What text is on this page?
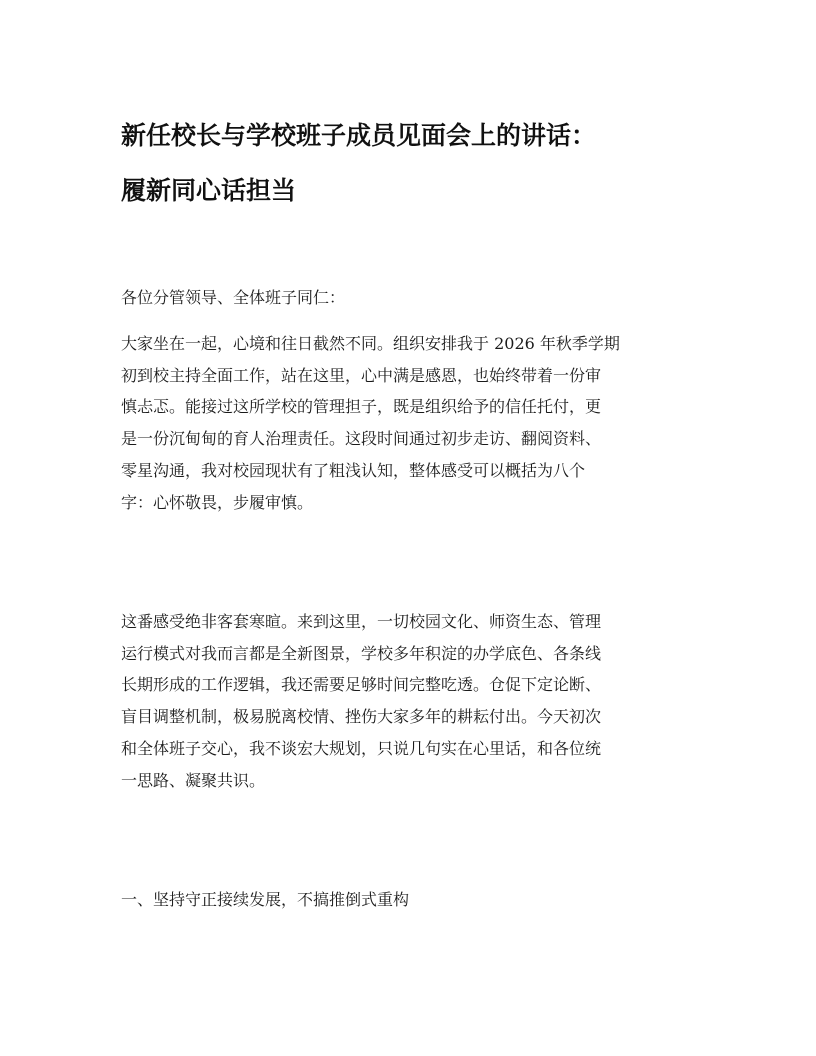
新任校长与学校班子成员见面会上的讲话：
履新同心话担当

各位分管领导、全体班子同仁：

大家坐在一起，心境和往日截然不同。组织安排我于 2026 年秋季学期
初到校主持全面工作，站在这里，心中满是感恩，也始终带着一份审
慎忐忑。能接过这所学校的管理担子，既是组织给予的信任托付，更
是一份沉甸甸的育人治理责任。这段时间通过初步走访、翻阅资料、
零星沟通，我对校园现状有了粗浅认知，整体感受可以概括为八个
字：心怀敬畏，步履审慎。

这番感受绝非客套寒暄。来到这里，一切校园文化、师资生态、管理
运行模式对我而言都是全新图景，学校多年积淀的办学底色、各条线
长期形成的工作逻辑，我还需要足够时间完整吃透。仓促下定论断、
盲目调整机制，极易脱离校情、挫伤大家多年的耕耘付出。今天初次
和全体班子交心，我不谈宏大规划，只说几句实在心里话，和各位统
一思路、凝聚共识。

一、坚持守正接续发展，不搞推倒式重构
